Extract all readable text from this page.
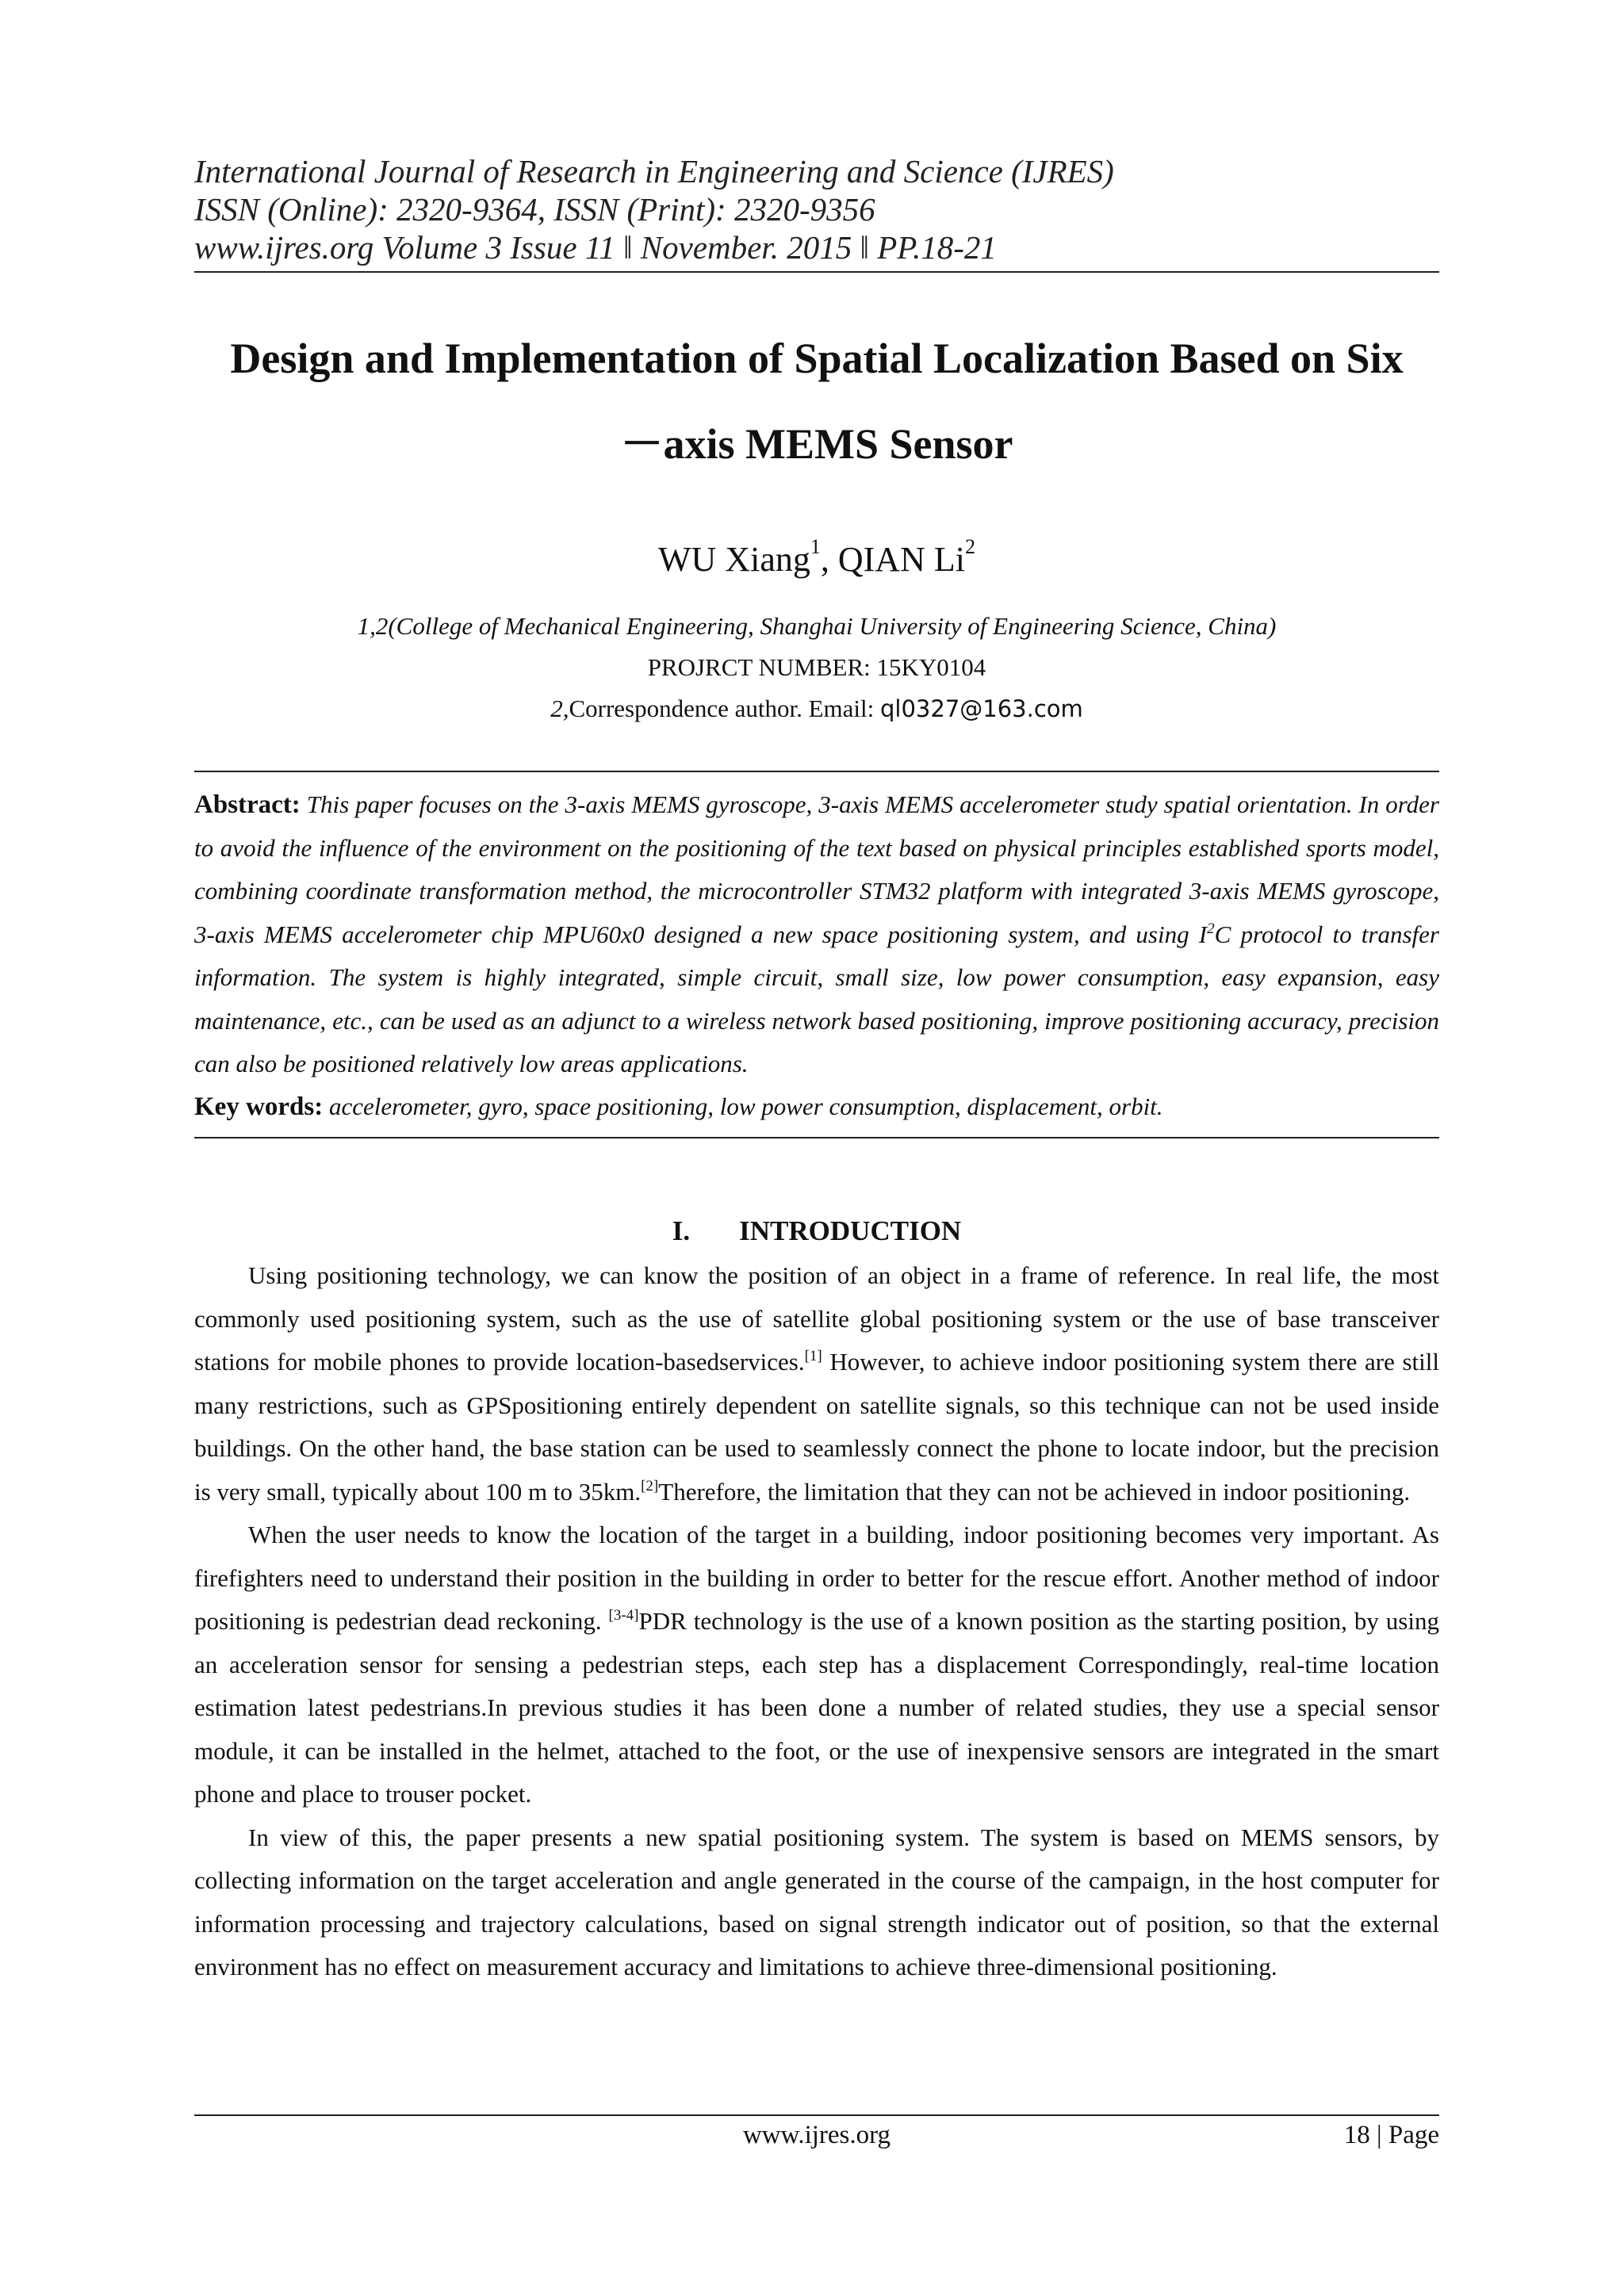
International Journal of Research in Engineering and Science (IJRES)
ISSN (Online): 2320-9364, ISSN (Print): 2320-9356
www.ijres.org Volume 3 Issue 11 ǁ November. 2015 ǁ PP.18-21
Design and Implementation of Spatial Localization Based on Six
－axis MEMS Sensor
WU Xiang$^1$, QIAN Li$^2$
1,2(College of Mechanical Engineering, Shanghai University of Engineering Science, China)
PROJRCT NUMBER: 15KY0104
2,Correspondence author. Email: ql0327@163.com
Abstract: This paper focuses on the 3-axis MEMS gyroscope, 3-axis MEMS accelerometer study spatial orientation. In order to avoid the influence of the environment on the positioning of the text based on physical principles established sports model, combining coordinate transformation method, the microcontroller STM32 platform with integrated 3-axis MEMS gyroscope, 3-axis MEMS accelerometer chip MPU60x0 designed a new space positioning system, and using $I^2C$ protocol to transfer information. The system is highly integrated, simple circuit, small size, low power consumption, easy expansion, easy maintenance, etc., can be used as an adjunct to a wireless network based positioning, improve positioning accuracy, precision can also be positioned relatively low areas applications.
Key words: accelerometer, gyro, space positioning, low power consumption, displacement, orbit.
I. INTRODUCTION

Using positioning technology, we can know the position of an object in a frame of reference. In real life, the most commonly used positioning system, such as the use of satellite global positioning system or the use of base transceiver stations for mobile phones to provide location-basedservices.[1] However, to achieve indoor positioning system there are still many restrictions, such as GPSpositioning entirely dependent on satellite signals, so this technique can not be used inside buildings. On the other hand, the base station can be used to seamlessly connect the phone to locate indoor, but the precision is very small, typically about 100 m to 35km.[2]Therefore, the limitation that they can not be achieved in indoor positioning.

When the user needs to know the location of the target in a building, indoor positioning becomes very important. As firefighters need to understand their position in the building in order to better for the rescue effort. Another method of indoor positioning is pedestrian dead reckoning. [3-4]PDR technology is the use of a known position as the starting position, by using an acceleration sensor for sensing a pedestrian steps, each step has a displacement Correspondingly, real-time location estimation latest pedestrians.In previous studies it has been done a number of related studies, they use a special sensor module, it can be installed in the helmet, attached to the foot, or the use of inexpensive sensors are integrated in the smart phone and place to trouser pocket.

In view of this, the paper presents a new spatial positioning system. The system is based on MEMS sensors, by collecting information on the target acceleration and angle generated in the course of the campaign, in the host computer for information processing and trajectory calculations, based on signal strength indicator out of position, so that the external environment has no effect on measurement accuracy and limitations to achieve three-dimensional positioning.

www.ijres.org	18 | Page
